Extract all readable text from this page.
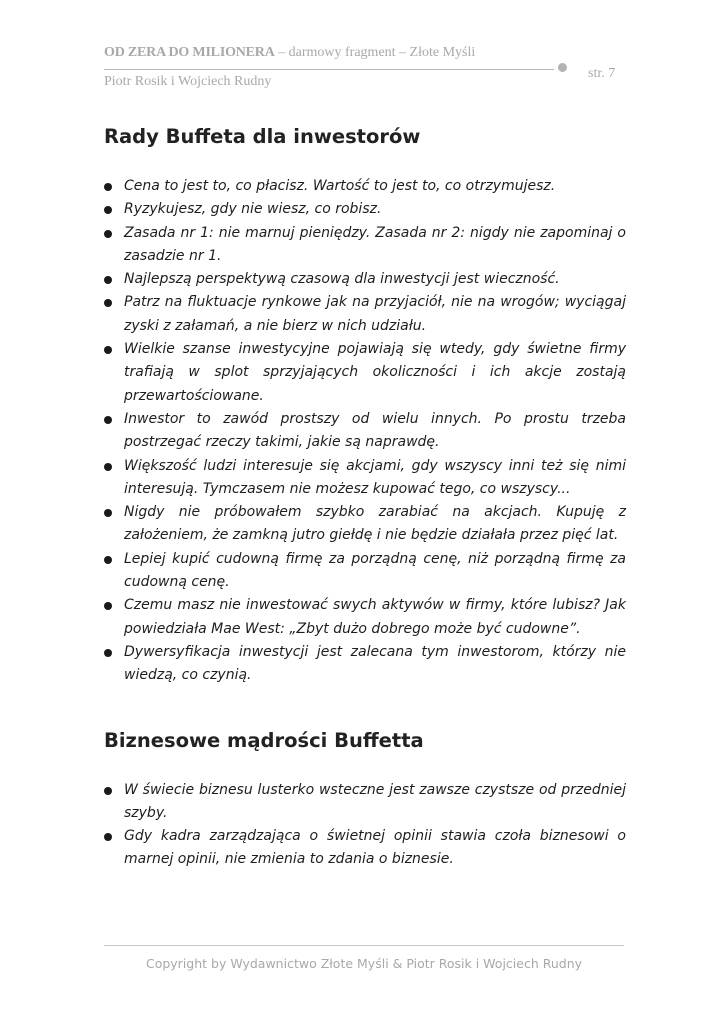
OD ZERA DO MILIONERA – darmowy fragment – Złote Myśli
Piotr Rosik i Wojciech Rudny
str. 7
Rady Buffeta dla inwestorów
Cena to jest to, co płacisz. Wartość to jest to, co otrzymujesz.
Ryzykujesz, gdy nie wiesz, co robisz.
Zasada nr 1: nie marnuj pieniędzy. Zasada nr 2: nigdy nie zapominaj o zasadzie nr 1.
Najlepszą perspektywą czasową dla inwestycji jest wieczność.
Patrz na fluktuacje rynkowe jak na przyjaciół, nie na wrogów; wyciągaj zyski z załamań, a nie bierz w nich udziału.
Wielkie szanse inwestycyjne pojawiają się wtedy, gdy świetne firmy trafiają w splot sprzyjających okoliczności i ich akcje zostają przewartościowane.
Inwestor to zawód prostszy od wielu innych. Po prostu trzeba postrzegać rzeczy takimi, jakie są naprawdę.
Większość ludzi interesuje się akcjami, gdy wszyscy inni też się nimi interesują. Tymczasem nie możesz kupować tego, co wszyscy...
Nigdy nie próbowałem szybko zarabiać na akcjach. Kupuję z założeniem, że zamkną jutro giełdę i nie będzie działała przez pięć lat.
Lepiej kupić cudowną firmę za porządną cenę, niż porządną firmę za cudowną cenę.
Czemu masz nie inwestować swych aktywów w firmy, które lubisz? Jak powiedziała Mae West: „Zbyt dużo dobrego może być cudowne”.
Dywersyfikacja inwestycji jest zalecana tym inwestorom, którzy nie wiedzą, co czynią.
Biznesowe mądrości Buffetta
W świecie biznesu lusterko wsteczne jest zawsze czystsze od przedniej szyby.
Gdy kadra zarządzająca o świetnej opinii stawia czoła biznesowi o marnej opinii, nie zmienia to zdania o biznesie.
Copyright by Wydawnictwo Złote Myśli & Piotr Rosik i Wojciech Rudny
